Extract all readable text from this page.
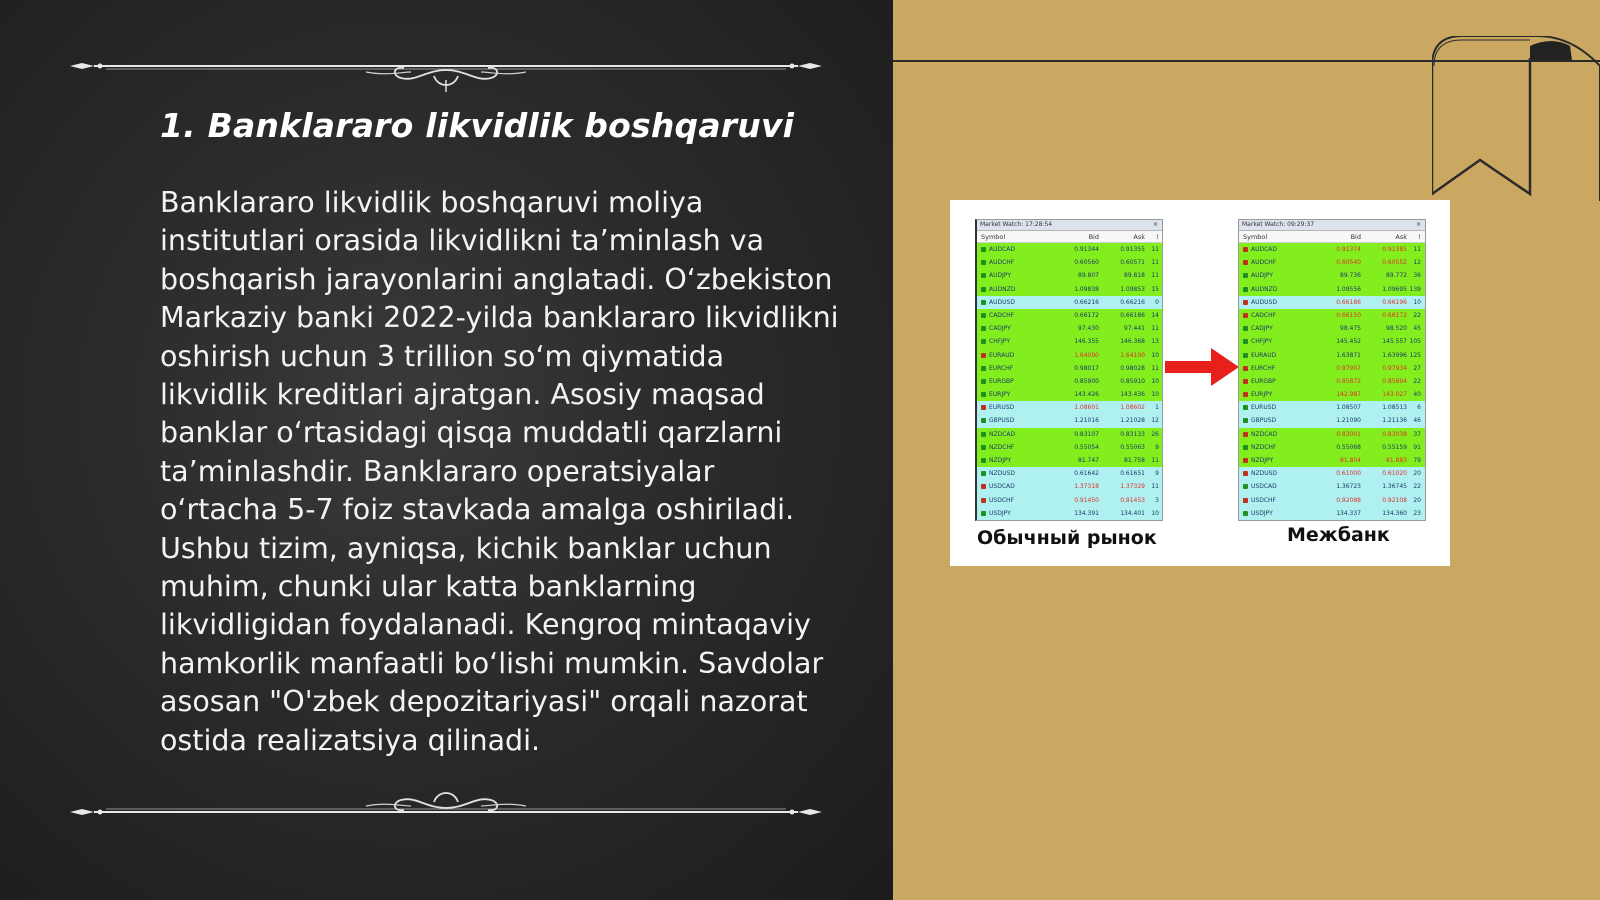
1. Banklararo likvidlik boshqaruvi
Banklararo likvidlik boshqaruvi moliya institutlari orasida likvidlikni ta’minlash va boshqarish jarayonlarini anglatadi. O‘zbekiston Markaziy banki 2022-yilda banklararo likvidlikni oshirish uchun 3 trillion so‘m qiymatida likvidlik kreditlari ajratgan. Asosiy maqsad banklar o‘rtasidagi qisqa muddatli qarzlarni ta’minlashdir. Banklararo operatsiyalar o‘rtacha 5-7 foiz stavkada amalga oshiriladi. Ushbu tizim, ayniqsa, kichik banklar uchun muhim, chunki ular katta banklarning likvidligidan foydalanadi. Kengroq mintaqaviy hamkorlik manfaatli bo‘lishi mumkin. Savdolar asosan "O'zbek depozitariyasi" orqali nazorat ostida realizatsiya qilinadi.
Market Watch: 17:28:54	×
Symbol	Bid	Ask	!
AUDCAD	0.91344	0.91355	11
AUDCHF	0.60560	0.60571	11
AUDJPY	89.807	89.818	11
AUDNZD	1.09838	1.09853	15
AUDUSD	0.66216	0.66216	0
CADCHF	0.66172	0.66186	14
CADJPY	97.430	97.441	11
CHFJPY	146.355	146.368	13
EURAUD	1.64090	1.64100	10
EURCHF	0.98017	0.98028	11
EURGBP	0.85900	0.85910	10
EURJPY	143.426	143.436	10
EURUSD	1.08601	1.08602	1
GBPUSD	1.21016	1.21028	12
NZDCAD	0.83107	0.83133	26
NZDCHF	0.55054	0.55063	9
NZDJPY	81.747	81.758	11
NZDUSD	0.61642	0.61651	9
USDCAD	1.37318	1.37329	11
USDCHF	0.91450	0.91453	3
USDJPY	134.391	134.401	10
Market Watch: 09:29:37	×
Symbol	Bid	Ask	!
AUDCAD	0.91374	0.91385	11
AUDCHF	0.60540	0.60552	12
AUDJPY	89.736	89.772	36
AUDNZD	1.09556	1.09695 139
AUDUSD	0.66186	0.66196	10
CADCHF	0.66150	0.66172	22
CADJPY	98.475	98.520	45
CHFJPY	145.452	145.557 105
EURAUD	1.63871	1.63996 125
EURCHF	0.97907	0.97934	27
EURGBP	0.85872	0.85894	22
EURJPY	142.987	143.027	40
EURUSD	1.08507	1.08513	6
GBPUSD	1.21090	1.21136	46
NZDCAD	0.83001	0.83038	37
NZDCHF	0.55068	0.55159	91
NZDJPY	81.804	81.883	79
NZDUSD	0.61000	0.61020	20
USDCAD	1.36723	1.36745	22
USDCHF	0.92088	0.92108	20
USDJPY	134.337	134.360	23
Обычный рынок	Межбанк
